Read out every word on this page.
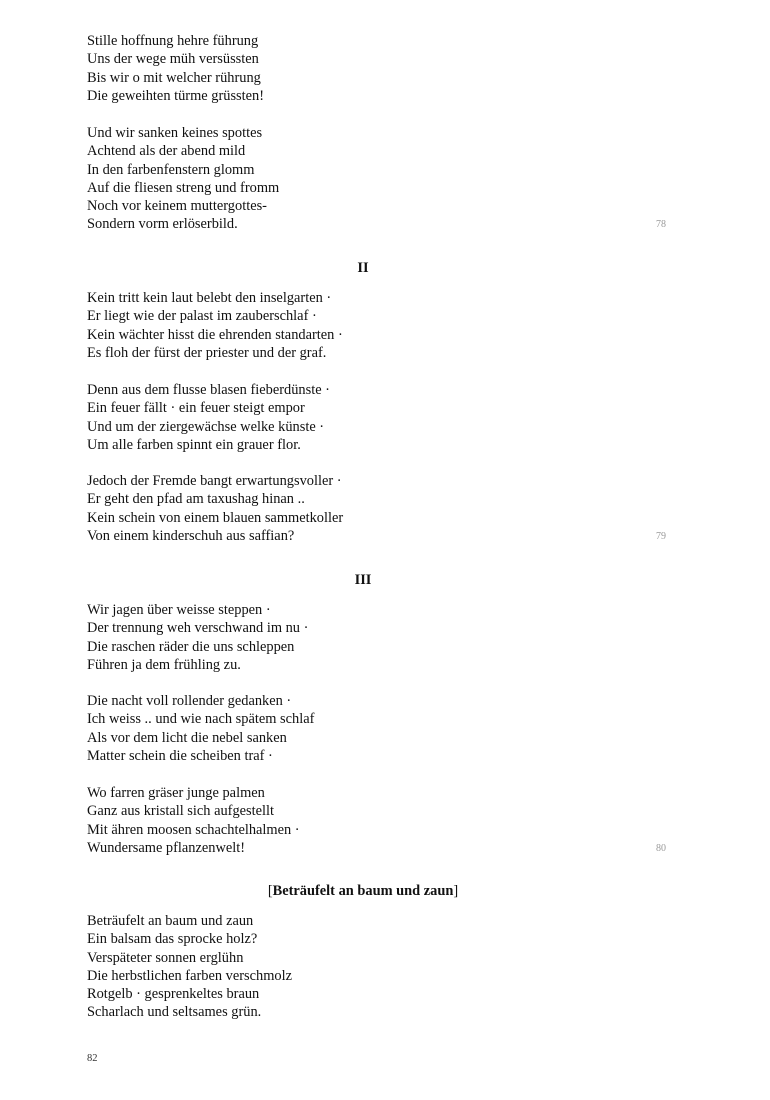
Stille hoffnung hehre führung
Uns der wege müh versüssten
Bis wir o mit welcher rührung
Die geweihten türme grüssten!
Und wir sanken keines spottes
Achtend als der abend mild
In den farbenfenstern glomm
Auf die fliesen streng und fromm
Noch vor keinem muttergottes-
Sondern vorm erlöserbild.	78
II
Kein tritt kein laut belebt den inselgarten ·
Er liegt wie der palast im zauberschlaf ·
Kein wächter hisst die ehrenden standarten ·
Es floh der fürst der priester und der graf.
Denn aus dem flusse blasen fieberdünste ·
Ein feuer fällt · ein feuer steigt empor
Und um der ziergewächse welke künste ·
Um alle farben spinnt ein grauer flor.
Jedoch der Fremde bangt erwartungsvoller ·
Er geht den pfad am taxushag hinan ..
Kein schein von einem blauen sammetkoller
Von einem kinderschuh aus saffian?	79
III
Wir jagen über weisse steppen ·
Der trennung weh verschwand im nu ·
Die raschen räder die uns schleppen
Führen ja dem frühling zu.
Die nacht voll rollender gedanken ·
Ich weiss .. und wie nach spätem schlaf
Als vor dem licht die nebel sanken
Matter schein die scheiben traf ·
Wo farren gräser junge palmen
Ganz aus kristall sich aufgestellt
Mit ähren moosen schachtelhalmen ·
Wundersame pflanzenwelt!	80
[Beträufelt an baum und zaun]
Beträufelt an baum und zaun
Ein balsam das sprocke holz?
Verspäteter sonnen erglühn
Die herbstlichen farben verschmolz
Rotgelb · gesprenkeltes braun
Scharlach und seltsames grün.
82
